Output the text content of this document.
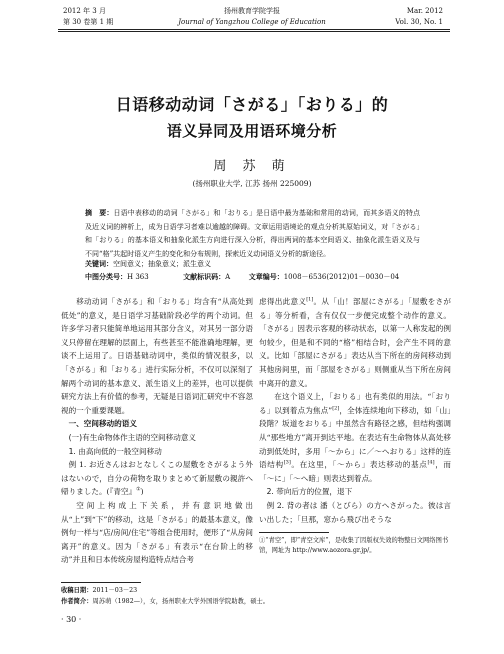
2012 年 3 月
第 30 卷第 1 期
扬州教育学院学报
Journal of Yangzhou College of Education
Mar. 2012
Vol. 30, No. 1
日语移动动词「さがる」「おりる」的
语义异同及用语环境分析
周 苏 萌
(扬州职业大学, 江苏 扬州 225009)
摘　要：日语中表移动的动词「さがる」和「おりる」是日语中最为基础和常用的动词，而其多语义的特点及近义词的辨析上，成为日语学习者难以逾越的障碍。文章运用语境论的观点分析其原始词义，对「さがる」和「おりる」的基本语义和抽象化派生方向进行深入分析，得出两词的基本空间语义、抽象化派生语义及与不同“格”共起时语义产生的变化和分布规则，探索近义动词语义分析的新途径。
关键词：空间意义；抽象意义；派生意义
中图分类号：H 363	文献标识码：A	文章编号：1008－6536(2012)01－0030－04

移动动词「さがる」和「おりる」均含有“从高处到低处”的意义，是日语学习基础阶段必学的两个动词。但许多学习者只能简单地运用其部分含义，对其另一部分语义只停留在理解的层面上，有些甚至不能准确地理解，更谈不上运用了。日语基础动词中，类似的情况很多，以「さがる」和「おりる」进行实际分析，不仅可以深刻了解两个动词的基本意义、派生语义上的差异，也可以提供研究方法上有价值的参考，无疑是日语词汇研究中不容忽视的一个重要课题。

一、空间移动的语义

(一)有生命物体作主语的空间移动意义

1. 由高向低的一般空间移动

例 1. お近さんはおとなしくこの屋敷をさがるよう外はないので，自分の荷物を取りまとめて新屋敷の親許へ帰りました。(『青空』①)

空间上构成上下关系，并有意识地做出从“上”到“下”的移动，这是「さがる」的最基本意义，像例句一样与“店/房间/住宅”等组合使用时，便形了“从房间离开”的意义。因为「さがる」有表示“在台阶上的移动”并且和日本传统房屋构造特点结合考

虑得出此意义[1]。从「山！部屋にさがる」「屋敷をさがる」等分析看，含有仅仅一步便完成整个动作的意义。「さがる」因表示客观的移动状态，以第一人称发起的例句较少，但是和不同的“格”相结合时，会产生不同的意义。比如「部屋にさがる」表达从当下所在的房间移动到其他房间里，而「部屋をさがる」则侧重从当下所在房间中离开的意义。

在这个语义上，「おりる」也有类似的用法。“「おりる」以到着点为焦点”[2]，全体连续地向下移动，如「山」段階？坂道をおりる」中虽然含有路径之感，但结构强调从“那些地方”离开到达平地。在表达有生命物体从高处移动到低处时，多用「～から」に／～へおりる」这样的连语结构[3]。在这里，「～から」表达移动的基点[4]，而「～に」「～へ暗」则表达到着点。

2. 带向后方的位置，退下

例 2. 背の者は 潘（とびら）の方へさがった。彼は言い出した；「旦那，窓から飛び出そうな

①“青空”，即“青空文库”，是收集了因版权失效的物整日文网络图书馆，网址为 http://www.aozora.gr.jp/。
收稿日期：2011－03－23
作者简介：周苏萌（1982—），女，扬州职业大学外国语学院助教，硕士。
· 30 ·
